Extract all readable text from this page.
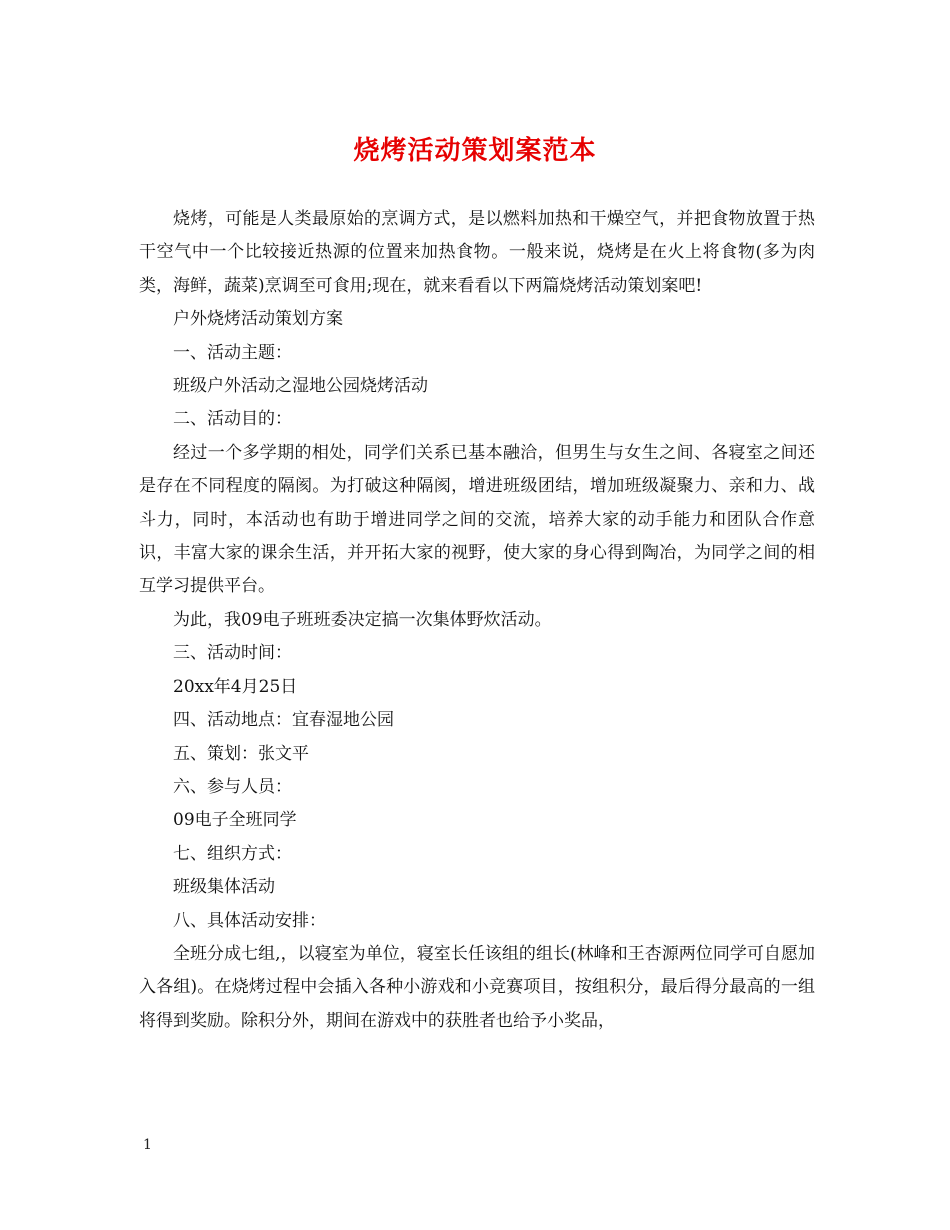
烧烤活动策划案范本

烧烤，可能是人类最原始的烹调方式，是以燃料加热和干燥空气，并把食物放置于热干空气中一个比较接近热源的位置来加热食物。一般来说，烧烤是在火上将食物(多为肉类，海鲜，蔬菜)烹调至可食用;现在，就来看看以下两篇烧烤活动策划案吧!

户外烧烤活动策划方案

一、活动主题：

班级户外活动之湿地公园烧烤活动

二、活动目的：

经过一个多学期的相处，同学们关系已基本融洽，但男生与女生之间、各寝室之间还是存在不同程度的隔阂。为打破这种隔阂，增进班级团结，增加班级凝聚力、亲和力、战斗力，同时，本活动也有助于增进同学之间的交流，培养大家的动手能力和团队合作意识，丰富大家的课余生活，并开拓大家的视野，使大家的身心得到陶冶，为同学之间的相互学习提供平台。

为此，我09电子班班委决定搞一次集体野炊活动。

三、活动时间：

20xx年4月25日

四、活动地点：宜春湿地公园

五、策划：张文平

六、参与人员：

09电子全班同学

七、组织方式：

班级集体活动

八、具体活动安排：

全班分成七组,，以寝室为单位，寝室长任该组的组长(林峰和王杏源两位同学可自愿加入各组)。在烧烤过程中会插入各种小游戏和小竞赛项目，按组积分，最后得分最高的一组将得到奖励。除积分外，期间在游戏中的获胜者也给予小奖品，

1
